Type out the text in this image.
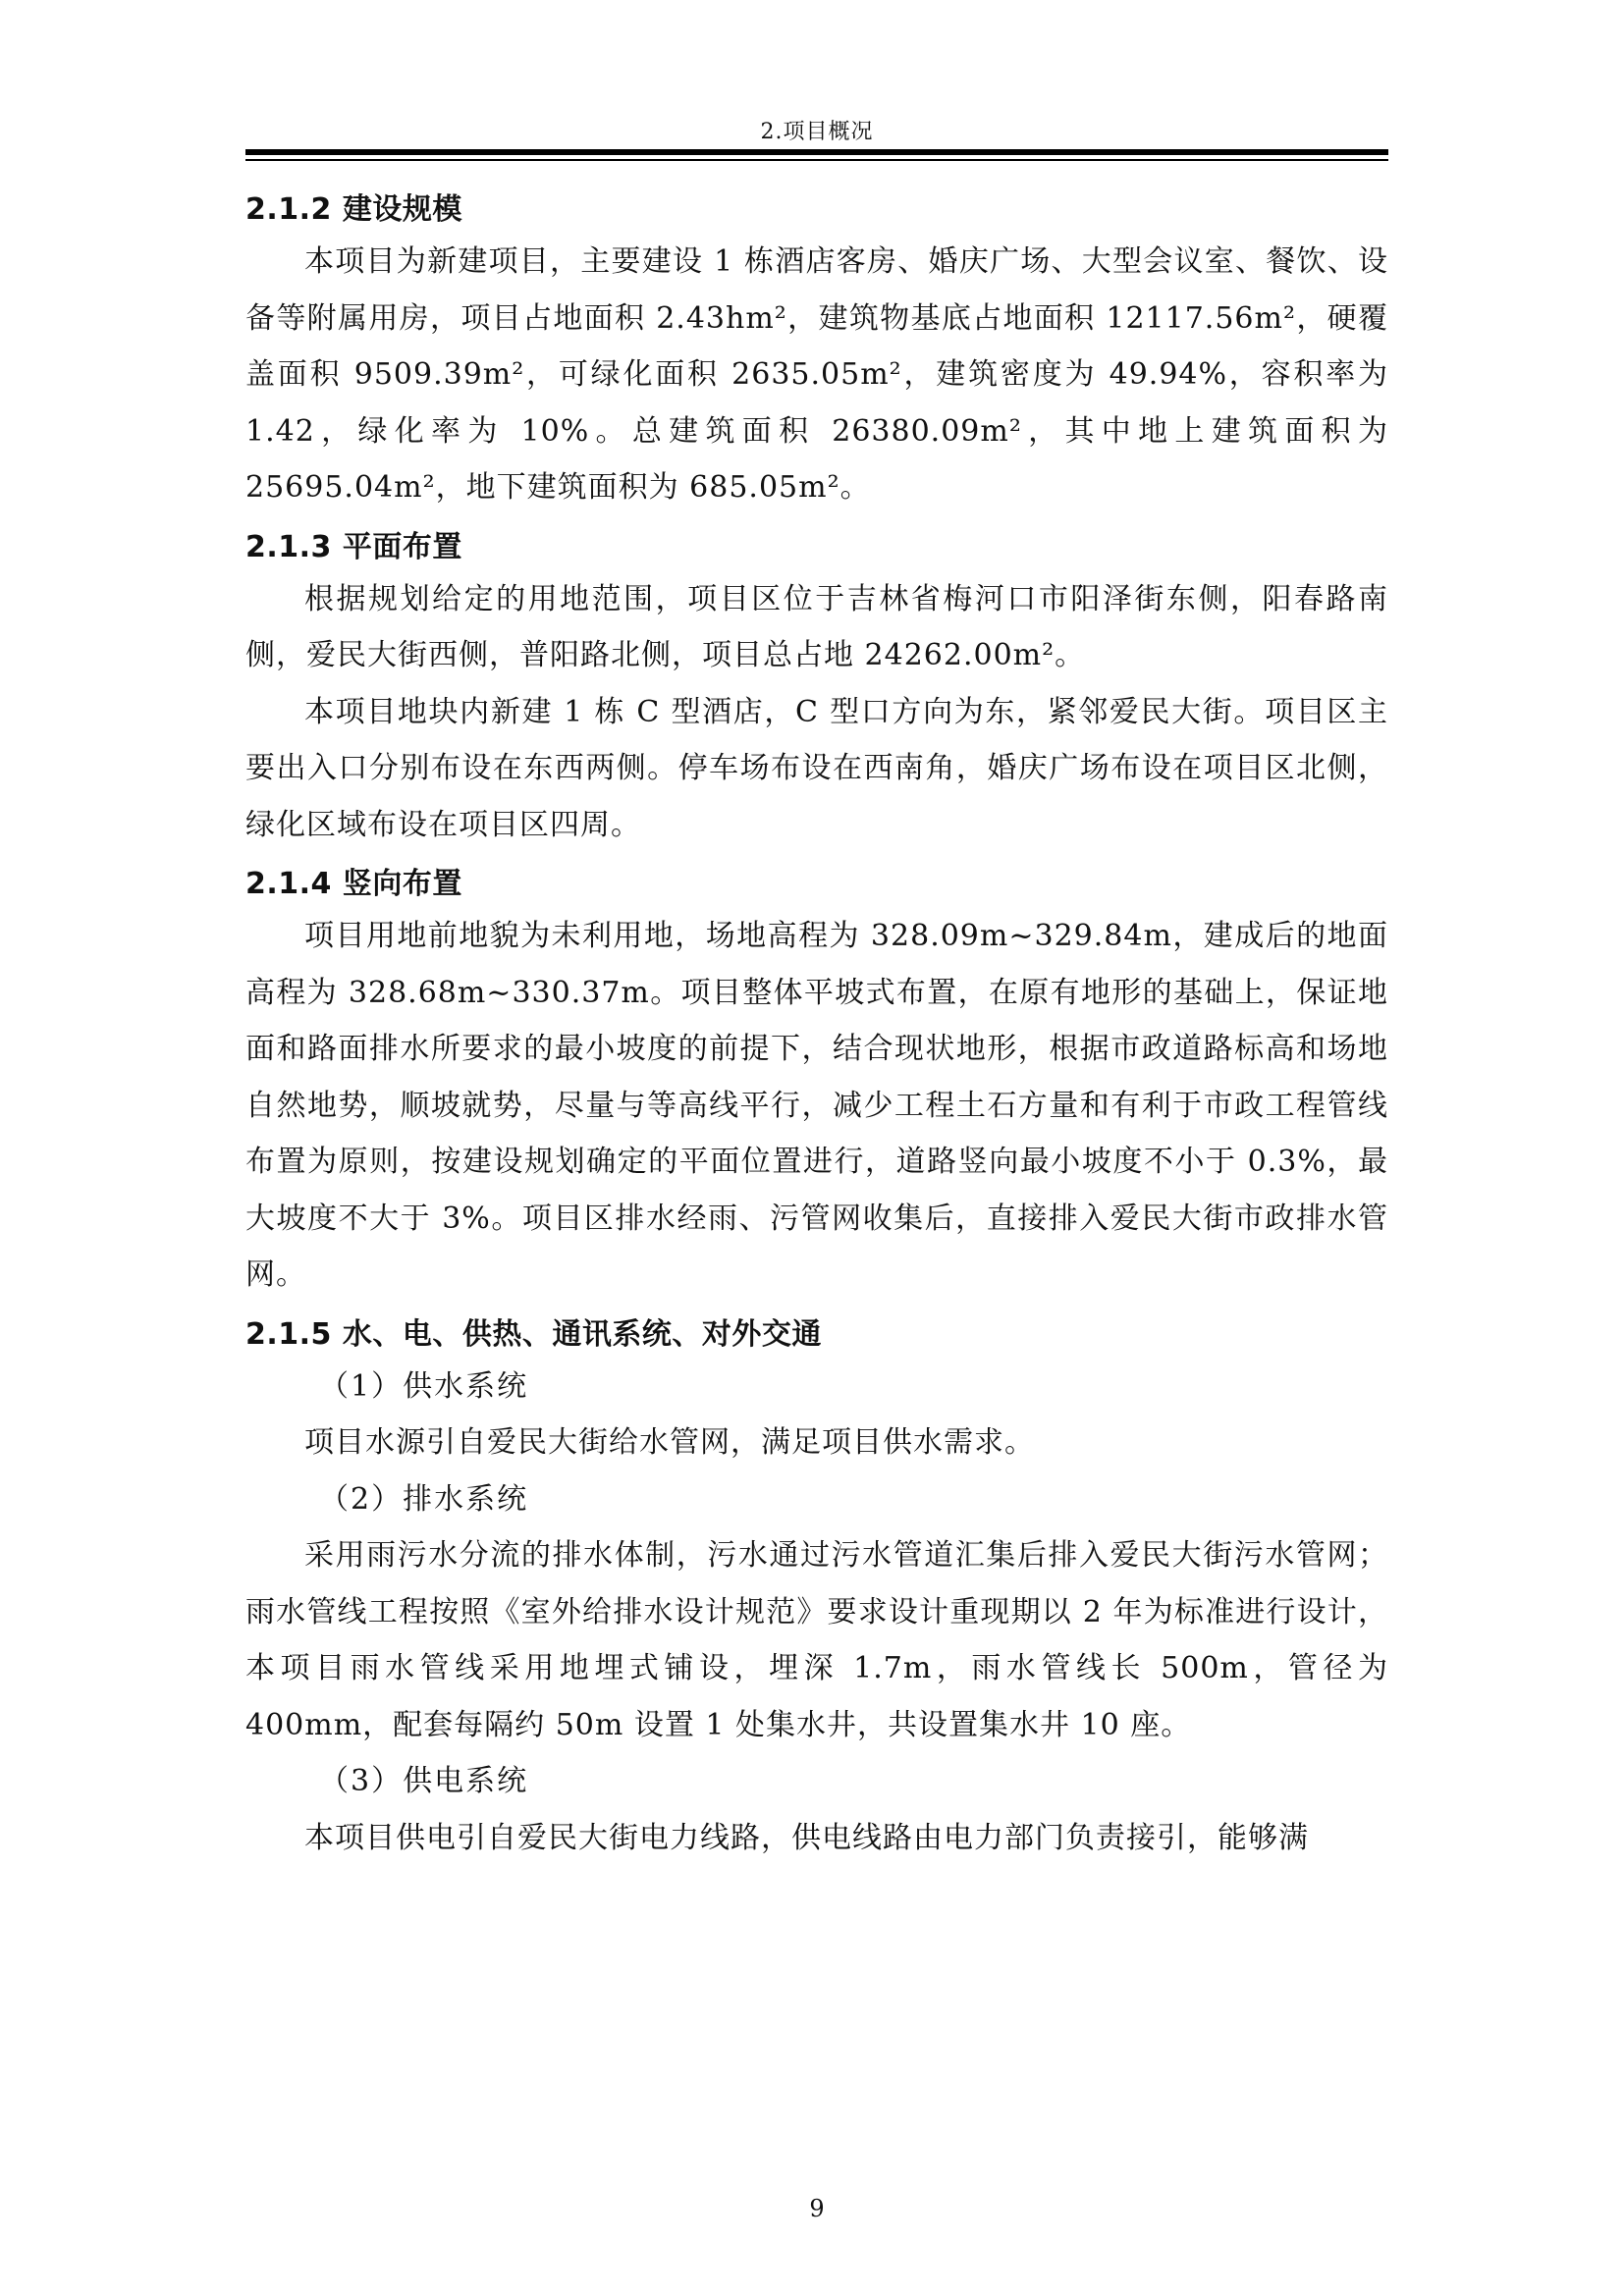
2.项目概况
2.1.2 建设规模

本项目为新建项目，主要建设 1 栋酒店客房、婚庆广场、大型会议室、餐饮、设备等附属用房，项目占地面积 2.43hm²，建筑物基底占地面积 12117.56m²，硬覆盖面积 9509.39m²，可绿化面积 2635.05m²，建筑密度为 49.94%，容积率为 1.42，绿化率为 10%。总建筑面积 26380.09m²，其中地上建筑面积为 25695.04m²，地下建筑面积为 685.05m²。

2.1.3 平面布置

根据规划给定的用地范围，项目区位于吉林省梅河口市阳泽街东侧，阳春路南侧，爱民大街西侧，普阳路北侧，项目总占地 24262.00m²。

本项目地块内新建 1 栋 C 型酒店，C 型口方向为东，紧邻爱民大街。项目区主要出入口分别布设在东西两侧。停车场布设在西南角，婚庆广场布设在项目区北侧，绿化区域布设在项目区四周。

2.1.4 竖向布置

项目用地前地貌为未利用地，场地高程为 328.09m~329.84m，建成后的地面高程为 328.68m~330.37m。项目整体平坡式布置，在原有地形的基础上，保证地面和路面排水所要求的最小坡度的前提下，结合现状地形，根据市政道路标高和场地自然地势，顺坡就势，尽量与等高线平行，减少工程土石方量和有利于市政工程管线布置为原则，按建设规划确定的平面位置进行，道路竖向最小坡度不小于 0.3%，最大坡度不大于 3%。项目区排水经雨、污管网收集后，直接排入爱民大街市政排水管网。

2.1.5 水、电、供热、通讯系统、对外交通

（1）供水系统

项目水源引自爱民大街给水管网，满足项目供水需求。

（2）排水系统

采用雨污水分流的排水体制，污水通过污水管道汇集后排入爱民大街污水管网；雨水管线工程按照《室外给排水设计规范》要求设计重现期以 2 年为标准进行设计，本项目雨水管线采用地埋式铺设，埋深 1.7m，雨水管线长 500m，管径为 400mm，配套每隔约 50m 设置 1 处集水井，共设置集水井 10 座。

（3）供电系统

本项目供电引自爱民大街电力线路，供电线路由电力部门负责接引，能够满

9
